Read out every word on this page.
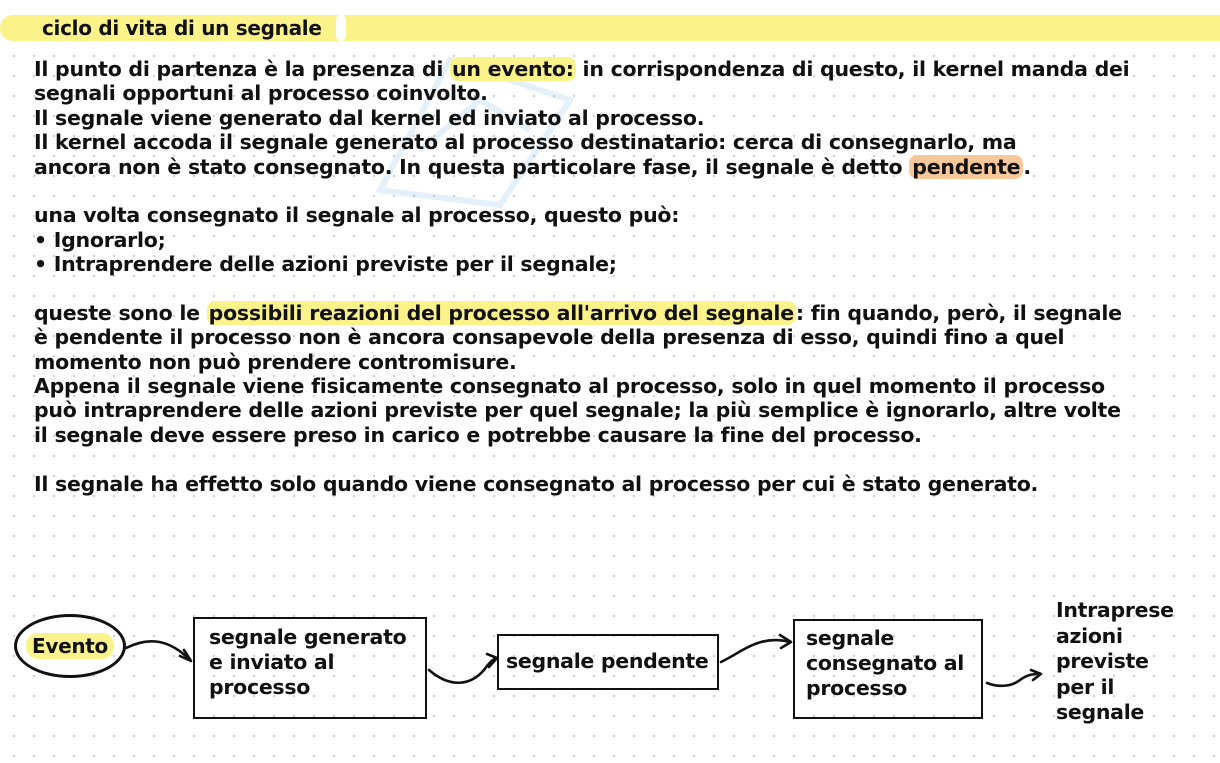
ciclo di vita di un segnale
Il punto di partenza è la presenza di un evento: in corrispondenza di questo, il kernel manda dei
segnali opportuni al processo coinvolto.
Il segnale viene generato dal kernel ed inviato al processo.
Il kernel accoda il segnale generato al processo destinatario: cerca di consegnarlo, ma
ancora non è stato consegnato. In questa particolare fase, il segnale è detto pendente .
una volta consegnato il segnale al processo, questo può:
• Ignorarlo;
• Intraprendere delle azioni previste per il segnale;
queste sono le possibili reazioni del processo all'arrivo del segnale: fin quando, però, il segnale
è pendente il processo non è ancora consapevole della presenza di esso, quindi fino a quel
momento non può prendere contromisure.
Appena il segnale viene fisicamente consegnato al processo, solo in quel momento il processo
può intraprendere delle azioni previste per quel segnale; la più semplice è ignorarlo, altre volte
il segnale deve essere preso in carico e potrebbe causare la fine del processo.
Il segnale ha effetto solo quando viene consegnato al processo per cui è stato generato.
Evento	segnale generato
e inviato al
processo
segnale pendente
segnale
consegnato al
processo
Intraprese
azioni
previste
per il
segnale
